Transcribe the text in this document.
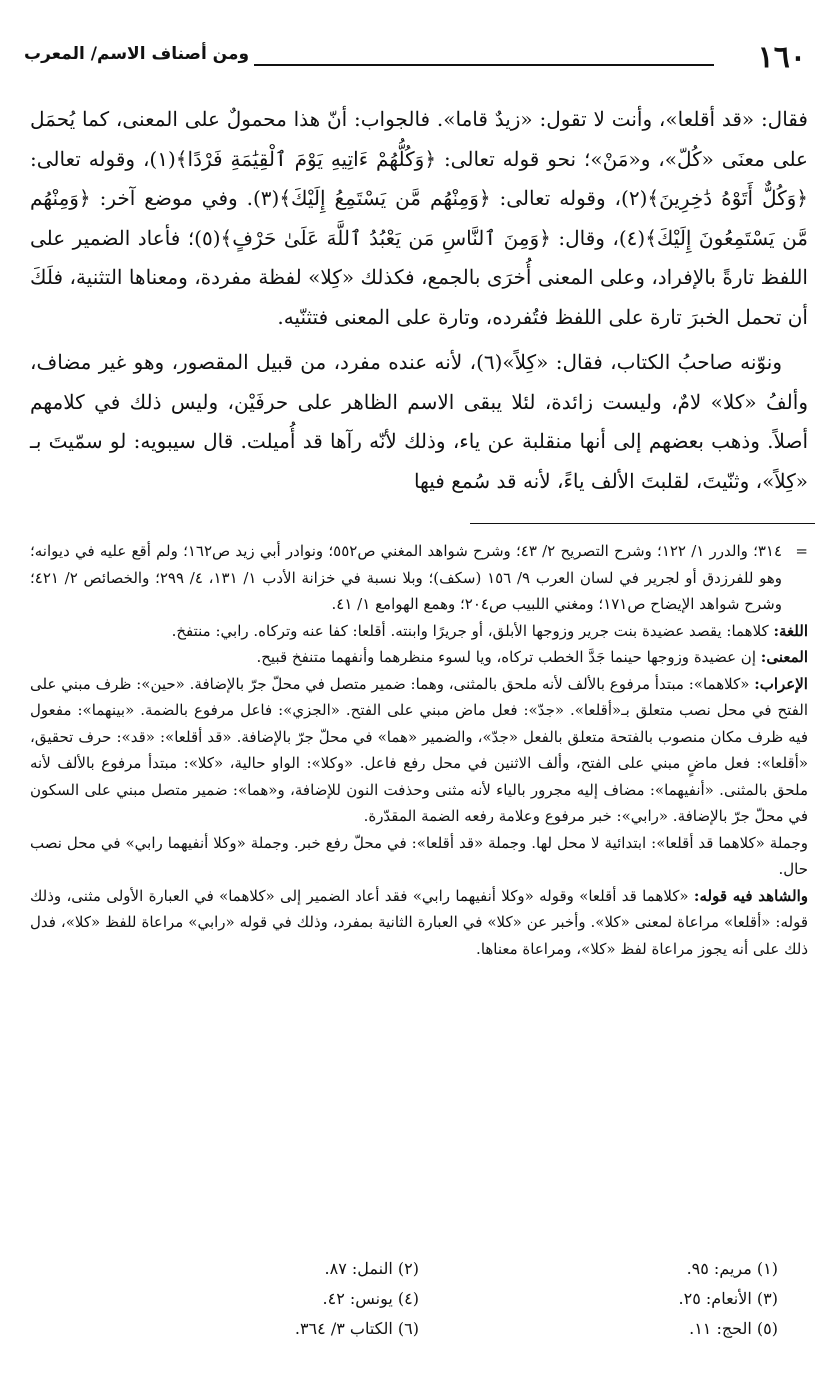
١٦٠
ومن أصناف الاسم/ المعرب

فقال: «قد أقلعا»، وأنت لا تقول: «زيدٌ قاما». فالجواب: أنّ هذا محمولٌ على المعنى، كما يُحمَل على معنَى «كُلّ»، و«مَنْ»؛ نحو قوله تعالى: ﴿وَكُلُّهُمْ ءَاتِيهِ يَوْمَ ٱلْقِيَٰمَةِ فَرْدًا﴾(١)، وقوله تعالى: ﴿وَكُلٌّ أَتَوْهُ دَٰخِرِينَ﴾(٢)، وقوله تعالى: ﴿وَمِنْهُم مَّن يَسْتَمِعُ إِلَيْكَ﴾(٣). وفي موضع آخر: ﴿وَمِنْهُم مَّن يَسْتَمِعُونَ إِلَيْكَ﴾(٤)، وقال: ﴿وَمِنَ ٱلنَّاسِ مَن يَعْبُدُ ٱللَّهَ عَلَىٰ حَرْفٍ﴾(٥)؛ فأعاد الضمير على اللفظ تارةً بالإفراد، وعلى المعنى أُخرَى بالجمع، فكذلك «كِلا» لفظة مفردة، ومعناها التثنية، فلَكَ أن تحمل الخبرَ تارة على اللفظ فتُفرده، وتارة على المعنى فتثنّيه.

ونوّنه صاحبُ الكتاب، فقال: «كِلاً»(٦)، لأنه عنده مفرد، من قبيل المقصور، وهو غير مضاف، وألفُ «كلا» لامٌ، وليست زائدة، لئلا يبقى الاسم الظاهر على حرفَيْن، وليس ذلك في كلامهم أصلاً. وذهب بعضهم إلى أنها منقلبة عن ياء، وذلك لأنّه رآها قد أُميلت. قال سيبويه: لو سمّيتَ بـ «كِلاً»، وثنّيتَ، لقلبتَ الألف ياءً، لأنه قد سُمع فيها

=
٣١٤؛ والدرر ١/ ١٢٢؛ وشرح التصريح ٢/ ٤٣؛ وشرح شواهد المغني ص٥٥٢؛ ونوادر أبي زيد ص١٦٢؛ ولم أقع عليه في ديوانه؛ وهو للفرزدق أو لجرير في لسان العرب ٩/ ١٥٦ (سكف)؛ وبلا نسبة في خزانة الأدب ١/ ١٣١، ٤/ ٢٩٩؛ والخصائص ٢/ ٤٢١؛ وشرح شواهد الإيضاح ص١٧١؛ ومغني اللبيب ص٢٠٤؛ وهمع الهوامع ١/ ٤١.

اللغة: كلاهما: يقصد عضيدة بنت جرير وزوجها الأبلق، أو جريرًا وابنته. أقلعا: كفا عنه وتركاه. رابي: منتفخ.

المعنى: إن عضيدة وزوجها حينما جَدَّ الخطب تركاه، ويا لسوء منظرهما وأنفهما متنفخ قبيح.

الإعراب: «كلاهما»: مبتدأ مرفوع بالألف لأنه ملحق بالمثنى، وهما: ضمير متصل في محلّ جرّ بالإضافة. «حين»: ظرف مبني على الفتح في محل نصب متعلق بـ«أقلعا». «جدّ»: فعل ماض مبني على الفتح. «الجزي»: فاعل مرفوع بالضمة. «بينهما»: مفعول فيه ظرف مكان منصوب بالفتحة متعلق بالفعل «جدّ»، والضمير «هما» في محلّ جرّ بالإضافة. «قد أقلعا»: «قد»: حرف تحقيق، «أقلعا»: فعل ماضٍ مبني على الفتح، وألف الاثنين في محل رفع فاعل. «وكلا»: الواو حالية، «كلا»: مبتدأ مرفوع بالألف لأنه ملحق بالمثنى. «أنفيهما»: مضاف إليه مجرور بالياء لأنه مثنى وحذفت النون للإضافة، و«هما»: ضمير متصل مبني على السكون في محلّ جرّ بالإضافة. «رابي»: خبر مرفوع وعلامة رفعه الضمة المقدّرة.

وجملة «كلاهما قد أقلعا»: ابتدائية لا محل لها. وجملة «قد أقلعا»: في محلّ رفع خبر. وجملة «وكلا أنفيهما رابي» في محل نصب حال.

والشاهد فيه قوله: «كلاهما قد أقلعا» وقوله «وكلا أنفيهما رابي» فقد أعاد الضمير إلى «كلاهما» في العبارة الأولى مثنى، وذلك قوله: «أقلعا» مراعاة لمعنى «كلا». وأخبر عن «كلا» في العبارة الثانية بمفرد، وذلك في قوله «رابي» مراعاة للفظ «كلا»، فدل ذلك على أنه يجوز مراعاة لفظ «كلا»، ومراعاة معناها.

(١) مريم: ٩٥.
(٢) النمل: ٨٧.
(٣) الأنعام: ٢٥.
(٤) يونس: ٤٢.
(٥) الحج: ١١.
(٦) الكتاب ٣/ ٣٦٤.
